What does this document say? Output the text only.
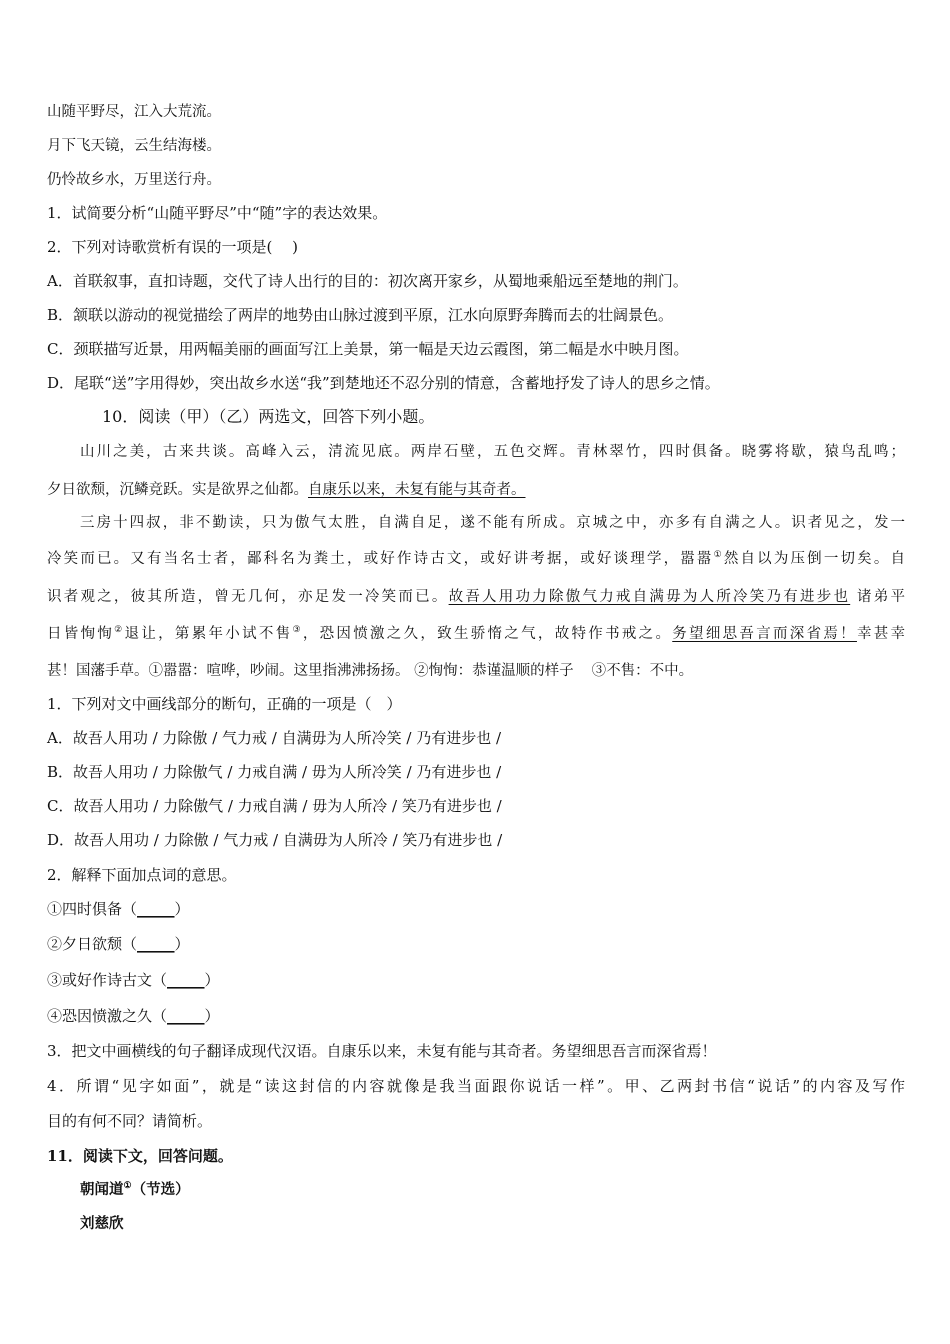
山随平野尽，江入大荒流。
月下飞天镜，云生结海楼。
仍怜故乡水，万里送行舟。
1．试简要分析“山随平野尽”中“随”字的表达效果。
2．下列对诗歌赏析有误的一项是(　 )
A．首联叙事，直扣诗题，交代了诗人出行的目的：初次离开家乡，从蜀地乘船远至楚地的荆门。
B．颔联以游动的视觉描绘了两岸的地势由山脉过渡到平原，江水向原野奔腾而去的壮阔景色。
C．颈联描写近景，用两幅美丽的画面写江上美景，第一幅是天边云霞图，第二幅是水中映月图。
D．尾联“送”字用得妙，突出故乡水送“我”到楚地还不忍分别的情意，含蓄地抒发了诗人的思乡之情。
10．阅读（甲）（乙）两选文，回答下列小题。
山川之美，古来共谈。高峰入云，清流见底。两岸石壁，五色交辉。青林翠竹，四时俱备。晓雾将歇，猿鸟乱鸣；
夕日欲颓，沉鳞竞跃。实是欲界之仙都。自康乐以来，未复有能与其奇者。
三房十四叔，非不勤读，只为傲气太胜，自满自足，遂不能有所成。京城之中，亦多有自满之人。识者见之，发一
冷笑而已。又有当名士者，鄙科名为粪土，或好作诗古文，或好讲考据，或好谈理学，嚣嚣①然自以为压倒一切矣。自
识者观之，彼其所造，曾无几何，亦足发一冷笑而已。故吾人用功力除傲气力戒自满毋为人所冷笑乃有进步也 诸弟平
日皆恂恂②退让，第累年小试不售③，恐因愤激之久，致生骄惰之气，故特作书戒之。务望细思吾言而深省焉！幸甚幸
甚！国藩手草。①嚣嚣：喧哗，吵闹。这里指沸沸扬扬。 ②恂恂：恭谨温顺的样子 ③不售：不中。
1．下列对文中画线部分的断句，正确的一项是（　）
A．故吾人用功 / 力除傲 / 气力戒 / 自满毋为人所冷笑 / 乃有进步也 /
B．故吾人用功 / 力除傲气 / 力戒自满 / 毋为人所冷笑 / 乃有进步也 /
C．故吾人用功 / 力除傲气 / 力戒自满 / 毋为人所冷 / 笑乃有进步也 /
D．故吾人用功 / 力除傲 / 气力戒 / 自满毋为人所冷 / 笑乃有进步也 /
2．解释下面加点词的意思。
①四时俱备（_____）
②夕日欲颓（_____）
③或好作诗古文（_____）
④恐因愤激之久（_____）
3．把文中画横线的句子翻译成现代汉语。自康乐以来，未复有能与其奇者。务望细思吾言而深省焉！
4．所谓“见字如面”，就是“读这封信的内容就像是我当面跟你说话一样”。甲、乙两封书信“说话”的内容及写作
目的有何不同？请简析。
11．阅读下文，回答问题。
朝闻道①（节选）
刘慈欣
